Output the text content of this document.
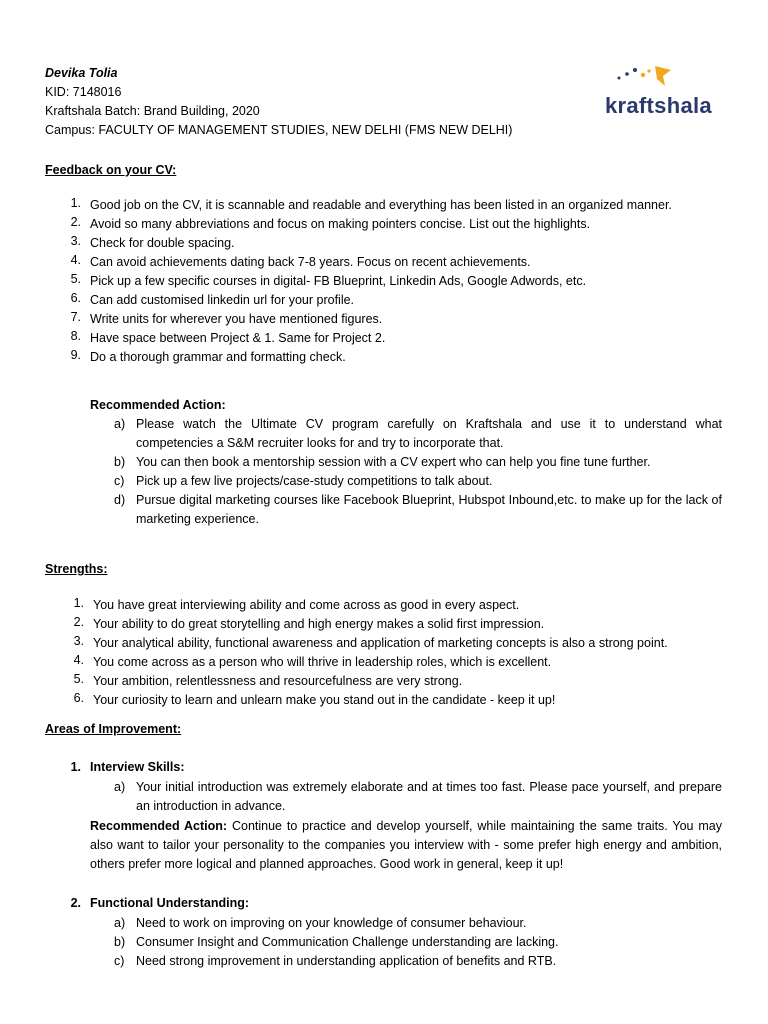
Devika Tolia
KID: 7148016
Kraftshala Batch: Brand Building, 2020
Campus: FACULTY OF MANAGEMENT STUDIES, NEW DELHI (FMS NEW DELHI)
kraftshala
Feedback on your CV:
1. Good job on the CV, it is scannable and readable and everything has been listed in an organized manner.
2. Avoid so many abbreviations and focus on making pointers concise. List out the highlights.
3. Check for double spacing.
4. Can avoid achievements dating back 7-8 years. Focus on recent achievements.
5. Pick up a few specific courses in digital- FB Blueprint, Linkedin Ads, Google Adwords, etc.
6. Can add customised linkedin url for your profile.
7. Write units for wherever you have mentioned figures.
8. Have space between Project & 1. Same for Project 2.
9. Do a thorough grammar and formatting check.
Recommended Action:
a) Please watch the Ultimate CV program carefully on Kraftshala and use it to understand what competencies a S&M recruiter looks for and try to incorporate that.
b) You can then book a mentorship session with a CV expert who can help you fine tune further.
c) Pick up a few live projects/case-study competitions to talk about.
d) Pursue digital marketing courses like Facebook Blueprint, Hubspot Inbound,etc. to make up for the lack of marketing experience.
Strengths:
1. You have great interviewing ability and come across as good in every aspect.
2. Your ability to do great storytelling and high energy makes a solid first impression.
3. Your analytical ability, functional awareness and application of marketing concepts is also a strong point.
4. You come across as a person who will thrive in leadership roles, which is excellent.
5. Your ambition, relentlessness and resourcefulness are very strong.
6. Your curiosity to learn and unlearn make you stand out in the candidate - keep it up!
Areas of Improvement:
1. Interview Skills:
a) Your initial introduction was extremely elaborate and at times too fast. Please pace yourself, and prepare an introduction in advance.
Recommended Action: Continue to practice and develop yourself, while maintaining the same traits. You may also want to tailor your personality to the companies you interview with - some prefer high energy and ambition, others prefer more logical and planned approaches. Good work in general, keep it up!
2. Functional Understanding:
a) Need to work on improving on your knowledge of consumer behaviour.
b) Consumer Insight and Communication Challenge understanding are lacking.
c) Need strong improvement in understanding application of benefits and RTB.
